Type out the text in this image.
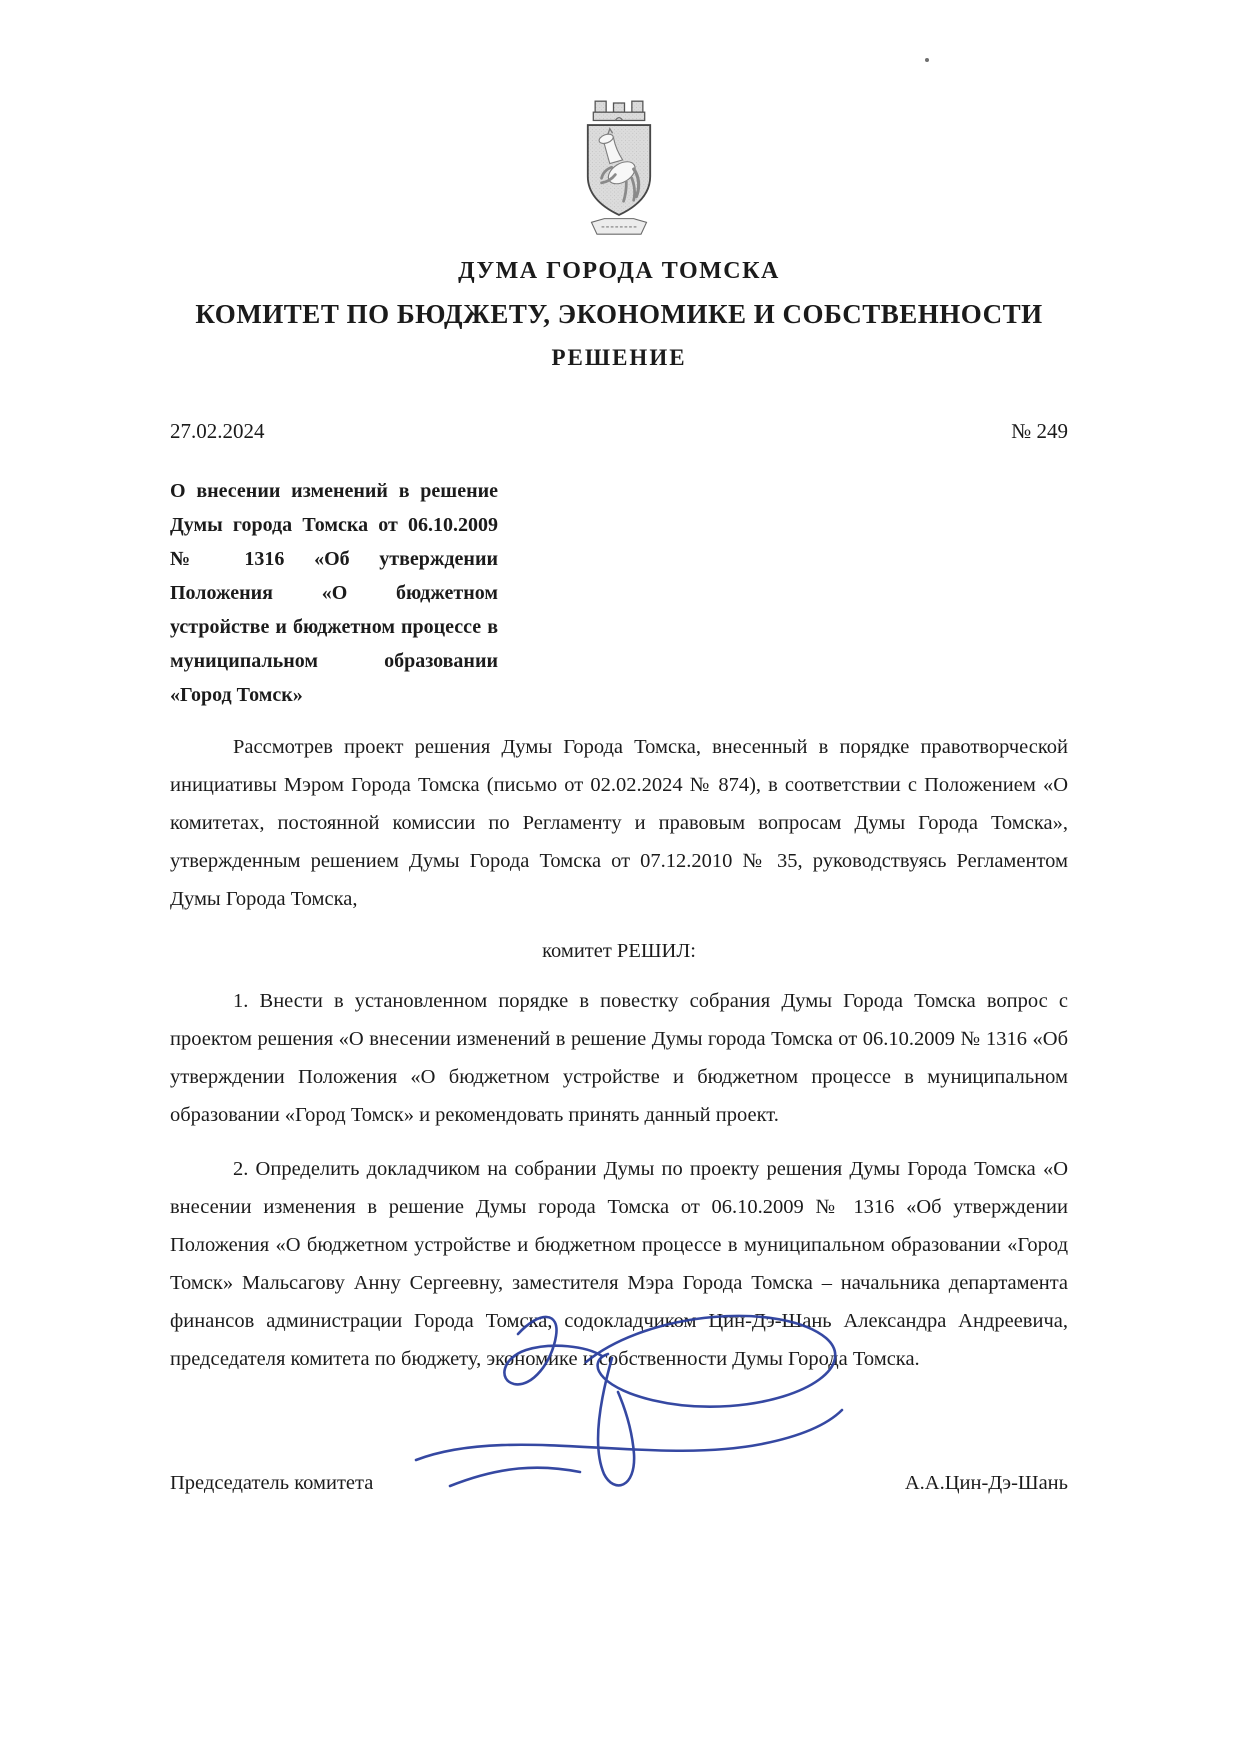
ДУМА ГОРОДА ТОМСКА
КОМИТЕТ ПО БЮДЖЕТУ, ЭКОНОМИКЕ И СОБСТВЕННОСТИ
РЕШЕНИЕ
27.02.2024	№ 249
О внесении изменений в решение Думы города Томска от 06.10.2009 № 1316 «Об утверждении Положения «О бюджетном устройстве и бюджетном процессе в муниципальном образовании «Город Томск»

Рассмотрев проект решения Думы Города Томска, внесенный в порядке правотворческой инициативы Мэром Города Томска (письмо от 02.02.2024 № 874), в соответствии с Положением «О комитетах, постоянной комиссии по Регламенту и правовым вопросам Думы Города Томска», утвержденным решением Думы Города Томска от 07.12.2010 № 35, руководствуясь Регламентом Думы Города Томска,

комитет РЕШИЛ:

1. Внести в установленном порядке в повестку собрания Думы Города Томска вопрос с проектом решения «О внесении изменений в решение Думы города Томска от 06.10.2009 № 1316 «Об утверждении Положения «О бюджетном устройстве и бюджетном процессе в муниципальном образовании «Город Томск» и рекомендовать принять данный проект.

2. Определить докладчиком на собрании Думы по проекту решения Думы Города Томска «О внесении изменения в решение Думы города Томска от 06.10.2009 № 1316 «Об утверждении Положения «О бюджетном устройстве и бюджетном процессе в муниципальном образовании «Город Томск» Мальсагову Анну Сергеевну, заместителя Мэра Города Томска – начальника департамента финансов администрации Города Томска, содокладчиком Цин-Дэ-Шань Александра Андреевича, председателя комитета по бюджету, экономике и собственности Думы Города Томска.

Председатель комитета	А.А.Цин-Дэ-Шань
